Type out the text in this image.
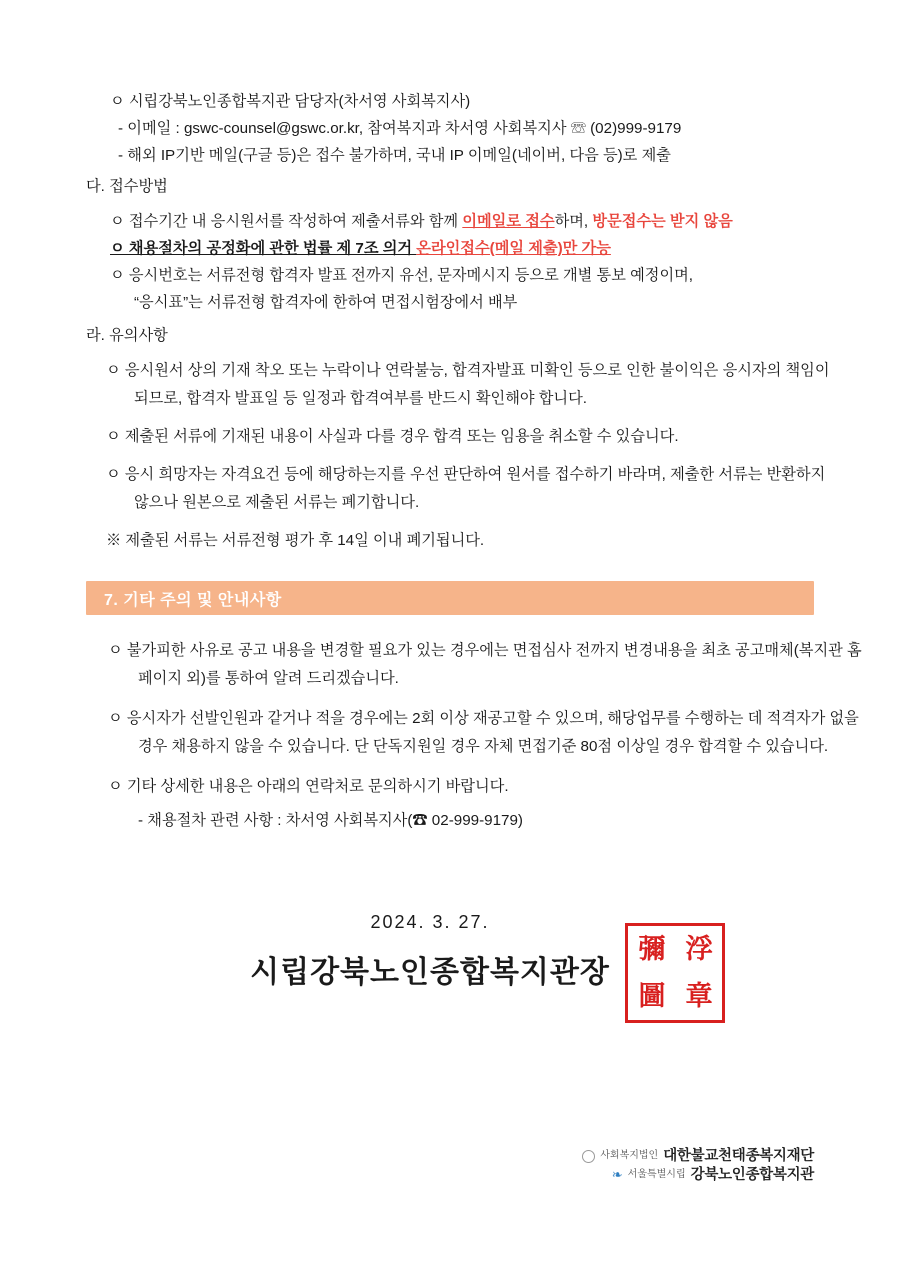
ㅇ 시립강북노인종합복지관 담당자(차서영 사회복지사)
- 이메일 : gswc-counsel@gswc.or.kr, 참여복지과 차서영 사회복지사 ☏ (02)999-9179
- 해외 IP기반 메일(구글 등)은 접수 불가하며, 국내 IP 이메일(네이버, 다음 등)로 제출
다. 접수방법
ㅇ 접수기간 내 응시원서를 작성하여 제출서류와 함께 이메일로 접수하며, 방문접수는 받지 않음
ㅇ 채용절차의 공정화에 관한 법률 제 7조 의거 온라인접수(메일 제출)만 가능
ㅇ 응시번호는 서류전형 합격자 발표 전까지 유선, 문자메시지 등으로 개별 통보 예정이며,
“응시표”는 서류전형 합격자에 한하여 면접시험장에서 배부
라. 유의사항
ㅇ 응시원서 상의 기재 착오 또는 누락이나 연락불능, 합격자발표 미확인 등으로 인한 불이익은 응시자의 책임이 되므로, 합격자 발표일 등 일정과 합격여부를 반드시 확인해야 합니다.
ㅇ 제출된 서류에 기재된 내용이 사실과 다를 경우 합격 또는 임용을 취소할 수 있습니다.
ㅇ 응시 희망자는 자격요건 등에 해당하는지를 우선 판단하여 원서를 접수하기 바라며, 제출한 서류는 반환하지 않으나 원본으로 제출된 서류는 폐기합니다.
※ 제출된 서류는 서류전형 평가 후 14일 이내 폐기됩니다.
7. 기타 주의 및 안내사항
ㅇ 불가피한 사유로 공고 내용을 변경할 필요가 있는 경우에는 면접심사 전까지 변경내용을 최초 공고매체(복지관 홈페이지 외)를 통하여 알려 드리겠습니다.
ㅇ 응시자가 선발인원과 같거나 적을 경우에는 2회 이상 재공고할 수 있으며, 해당업무를 수행하는 데 적격자가 없을 경우 채용하지 않을 수 있습니다. 단 단독지원일 경우 자체 면접기준 80점 이상일 경우 합격할 수 있습니다.
ㅇ 기타 상세한 내용은 아래의 연락처로 문의하시기 바랍니다.
- 채용절차 관련 사항 : 차서영 사회복지사(☎ 02-999-9179)
2024. 3. 27.
시립강북노인종합복지관장
彌 浮
圖 章
사회복지법인 대한불교천태종복지재단
❧ 서울특별시립 강북노인종합복지관
